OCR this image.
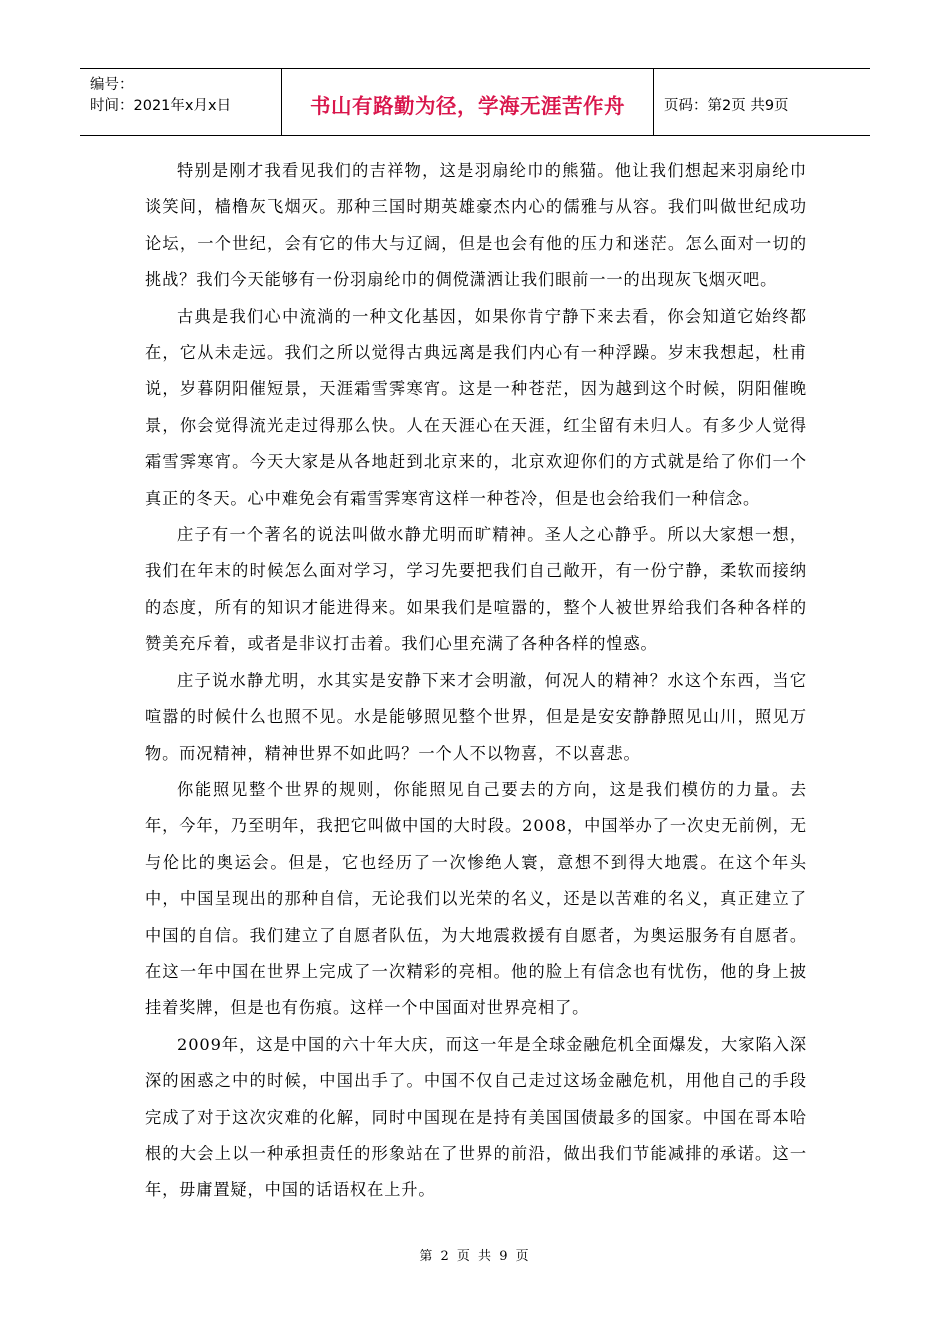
编号：
时间：2021年x月x日	书山有路勤为径，学海无涯苦作舟	页码：第2页 共9页

特别是刚才我看见我们的吉祥物，这是羽扇纶巾的熊猫。他让我们想起来羽扇纶巾谈笑间，樯橹灰飞烟灭。那种三国时期英雄豪杰内心的儒雅与从容。我们叫做世纪成功论坛，一个世纪，会有它的伟大与辽阔，但是也会有他的压力和迷茫。怎么面对一切的挑战？我们今天能够有一份羽扇纶巾的倜傥潇洒让我们眼前一一的出现灰飞烟灭吧。

古典是我们心中流淌的一种文化基因，如果你肯宁静下来去看，你会知道它始终都在，它从未走远。我们之所以觉得古典远离是我们内心有一种浮躁。岁末我想起，杜甫说，岁暮阴阳催短景，天涯霜雪霁寒宵。这是一种苍茫，因为越到这个时候，阴阳催晚景，你会觉得流光走过得那么快。人在天涯心在天涯，红尘留有未归人。有多少人觉得霜雪霁寒宵。今天大家是从各地赶到北京来的，北京欢迎你们的方式就是给了你们一个真正的冬天。心中难免会有霜雪霁寒宵这样一种苍冷，但是也会给我们一种信念。

庄子有一个著名的说法叫做水静尤明而旷精神。圣人之心静乎。所以大家想一想，我们在年末的时候怎么面对学习，学习先要把我们自己敞开，有一份宁静，柔软而接纳的态度，所有的知识才能进得来。如果我们是喧嚣的，整个人被世界给我们各种各样的赞美充斥着，或者是非议打击着。我们心里充满了各种各样的惶惑。

庄子说水静尤明，水其实是安静下来才会明澈，何况人的精神？水这个东西，当它喧嚣的时候什么也照不见。水是能够照见整个世界，但是是安安静静照见山川，照见万物。而况精神，精神世界不如此吗？一个人不以物喜，不以喜悲。

你能照见整个世界的规则，你能照见自己要去的方向，这是我们模仿的力量。去年，今年，乃至明年，我把它叫做中国的大时段。2008，中国举办了一次史无前例，无与伦比的奥运会。但是，它也经历了一次惨绝人寰，意想不到得大地震。在这个年头中，中国呈现出的那种自信，无论我们以光荣的名义，还是以苦难的名义，真正建立了中国的自信。我们建立了自愿者队伍，为大地震救援有自愿者，为奥运服务有自愿者。在这一年中国在世界上完成了一次精彩的亮相。他的脸上有信念也有忧伤，他的身上披挂着奖牌，但是也有伤痕。这样一个中国面对世界亮相了。

2009年，这是中国的六十年大庆，而这一年是全球金融危机全面爆发，大家陷入深深的困惑之中的时候，中国出手了。中国不仅自己走过这场金融危机，用他自己的手段完成了对于这次灾难的化解，同时中国现在是持有美国国债最多的国家。中国在哥本哈根的大会上以一种承担责任的形象站在了世界的前沿，做出我们节能减排的承诺。这一年，毋庸置疑，中国的话语权在上升。

第 2 页 共 9 页
